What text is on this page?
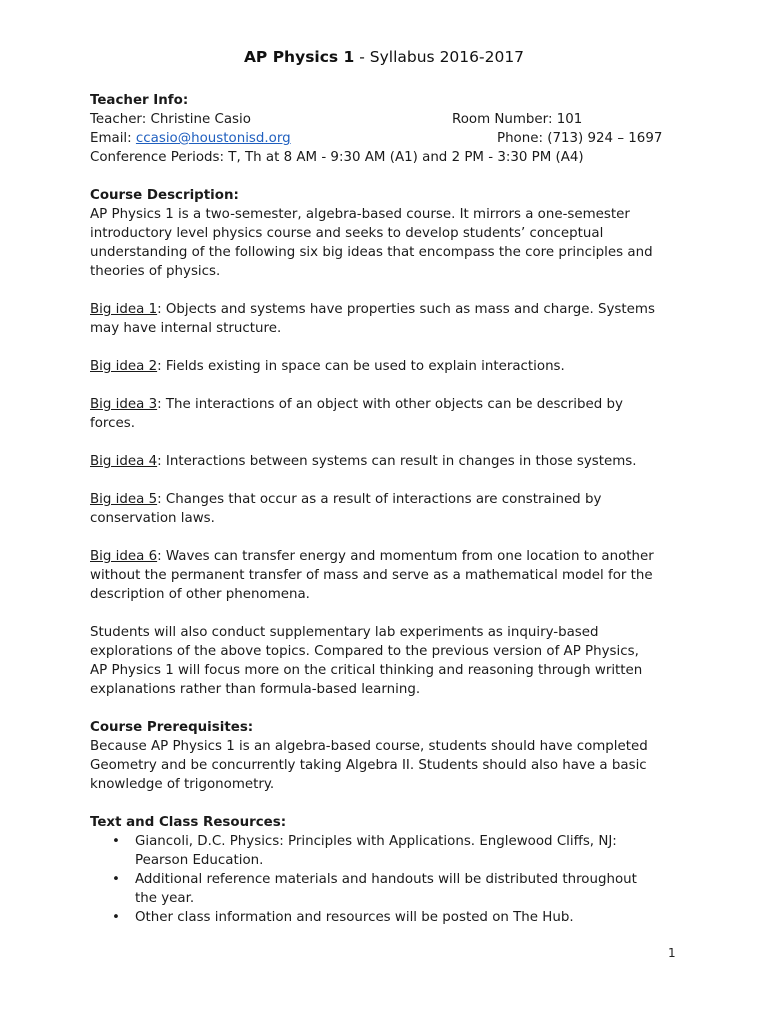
AP Physics 1 - Syllabus 2016-2017

Teacher Info:

Teacher: Christine Casio	Room Number: 101
Email: ccasio@houstonisd.org	Phone: (713) 924 – 1697

Conference Periods: T, Th at 8 AM - 9:30 AM (A1) and 2 PM - 3:30 PM (A4)

Course Description:

AP Physics 1 is a two-semester, algebra-based course. It mirrors a one-semester

introductory level physics course and seeks to develop students’ conceptual

understanding of the following six big ideas that encompass the core principles and

theories of physics.

Big idea 1: Objects and systems have properties such as mass and charge. Systems

may have internal structure.

Big idea 2: Fields existing in space can be used to explain interactions.

Big idea 3: The interactions of an object with other objects can be described by

forces.

Big idea 4: Interactions between systems can result in changes in those systems.

Big idea 5: Changes that occur as a result of interactions are constrained by

conservation laws.

Big idea 6: Waves can transfer energy and momentum from one location to another

without the permanent transfer of mass and serve as a mathematical model for the

description of other phenomena.

Students will also conduct supplementary lab experiments as inquiry-based

explorations of the above topics. Compared to the previous version of AP Physics,

AP Physics 1 will focus more on the critical thinking and reasoning through written

explanations rather than formula-based learning.

Course Prerequisites:

Because AP Physics 1 is an algebra-based course, students should have completed

Geometry and be concurrently taking Algebra II. Students should also have a basic

knowledge of trigonometry.

Text and Class Resources:

• Giancoli, D.C. Physics: Principles with Applications. Englewood Cliffs, NJ:

Pearson Education.

• Additional reference materials and handouts will be distributed throughout

the year.

• Other class information and resources will be posted on The Hub.

1
